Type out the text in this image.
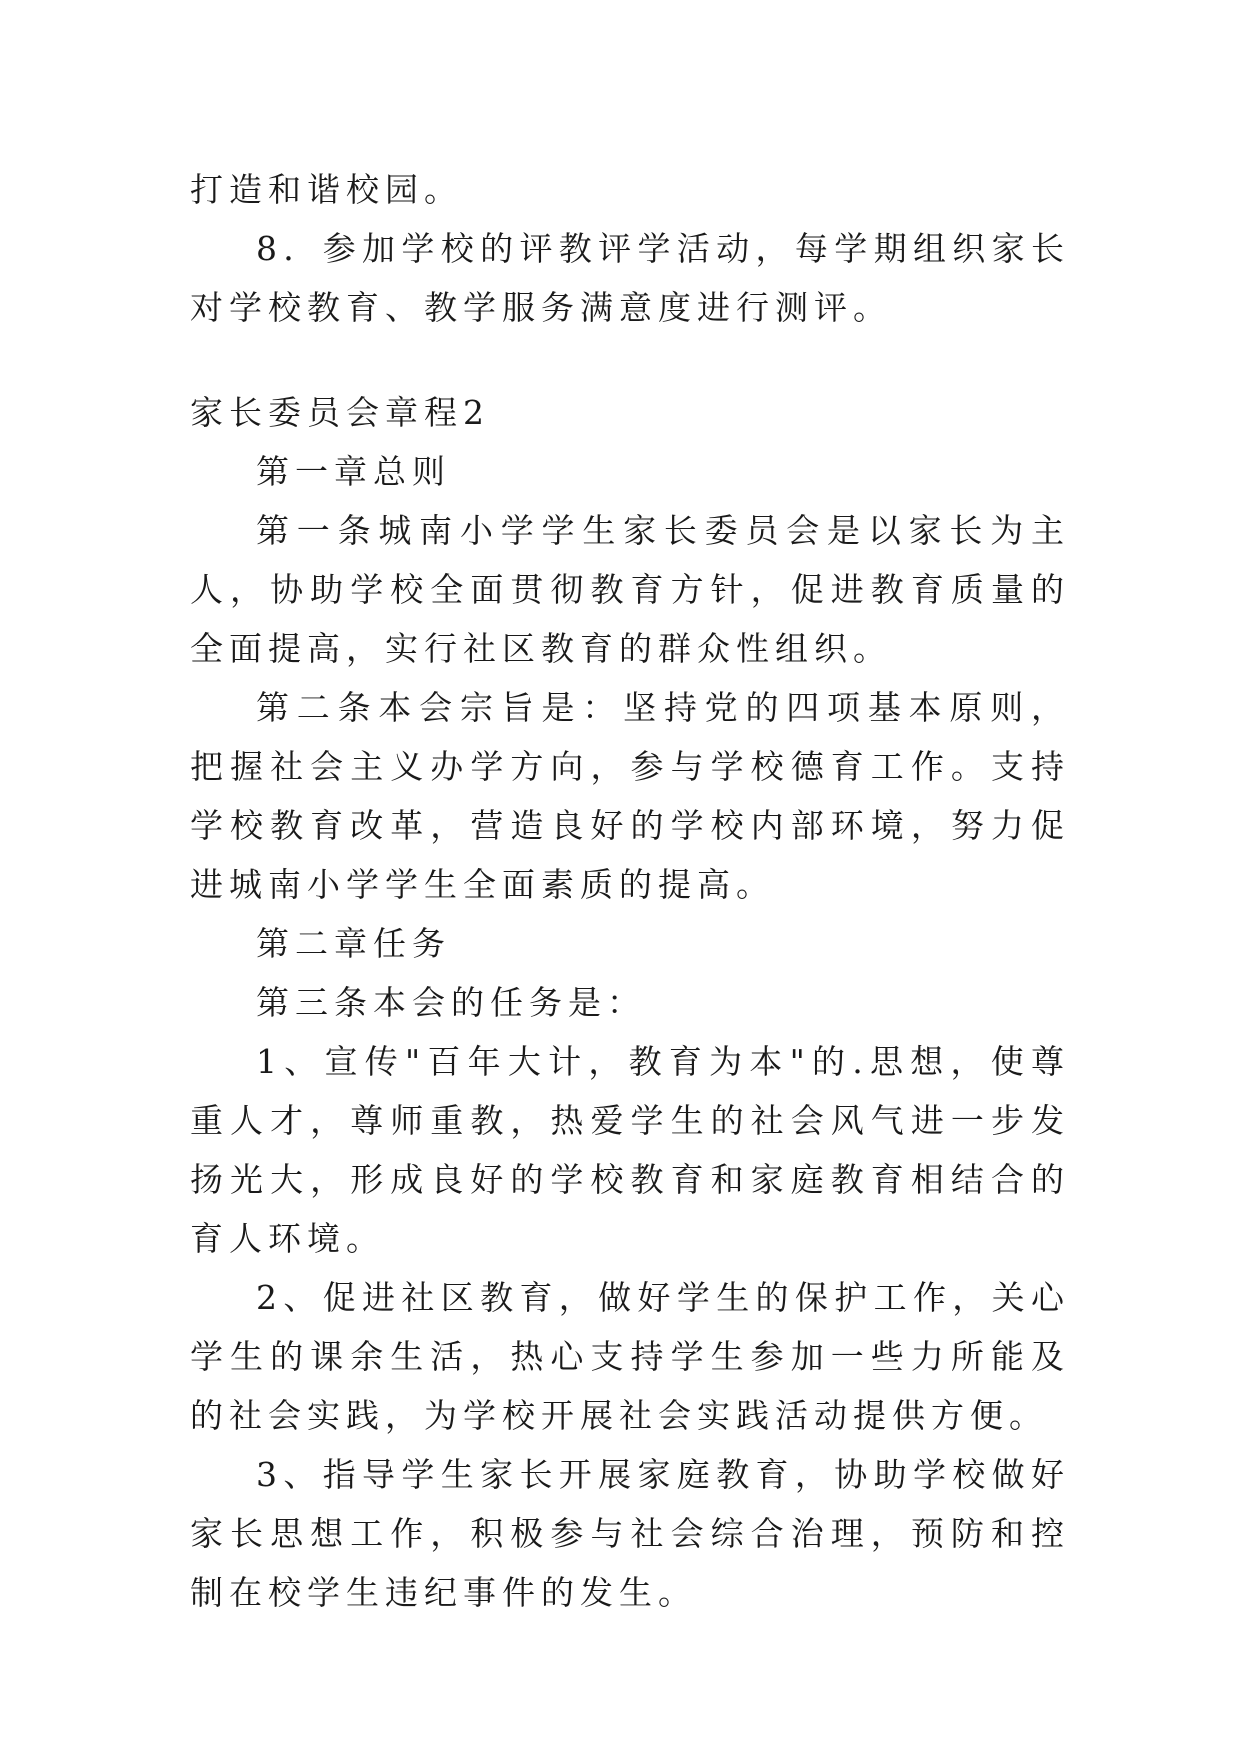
打造和谐校园。

8．参加学校的评教评学活动，每学期组织家长对学校教育、教学服务满意度进行测评。

家长委员会章程2

第一章总则

第一条城南小学学生家长委员会是以家长为主人，协助学校全面贯彻教育方针，促进教育质量的全面提高，实行社区教育的群众性组织。

第二条本会宗旨是：坚持党的四项基本原则，把握社会主义办学方向，参与学校德育工作。支持学校教育改革，营造良好的学校内部环境，努力促进城南小学学生全面素质的提高。

第二章任务

第三条本会的任务是：

1、宣传"百年大计，教育为本"的.思想，使尊重人才，尊师重教，热爱学生的社会风气进一步发扬光大，形成良好的学校教育和家庭教育相结合的育人环境。

2、促进社区教育，做好学生的保护工作，关心学生的课余生活，热心支持学生参加一些力所能及的社会实践，为学校开展社会实践活动提供方便。

3、指导学生家长开展家庭教育，协助学校做好家长思想工作，积极参与社会综合治理，预防和控制在校学生违纪事件的发生。
